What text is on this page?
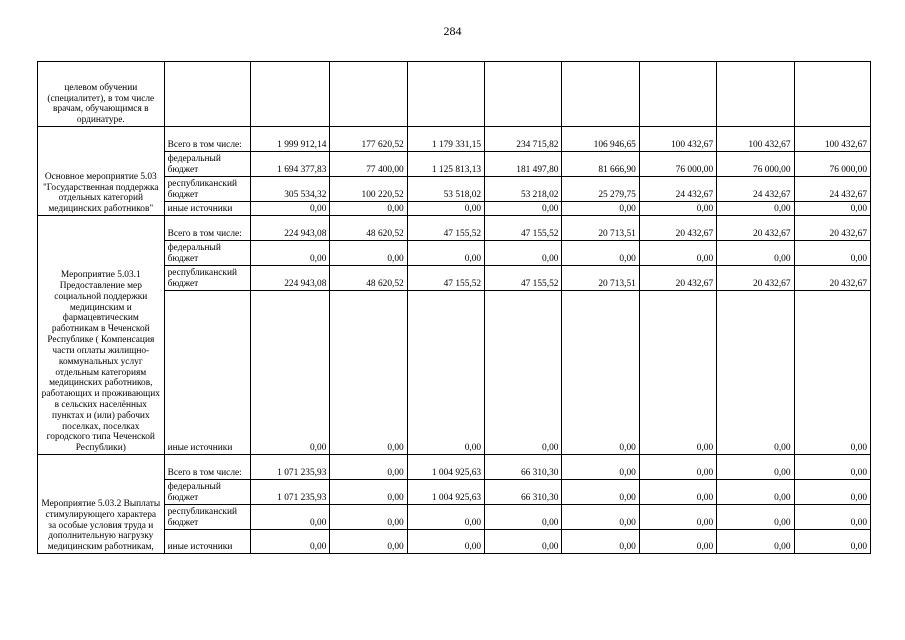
284
целевом обучении (специалитет), в том числе врачам, обучающимся в ординатуре.									
Основное мероприятие 5.03 "Государственная поддержка отдельных категорий медицинских работников"	Всего в том числе:	1 999 912,14	177 620,52	1 179 331,15	234 715,82	106 946,65	100 432,67	100 432,67	100 432,67
	федеральный бюджет	1 694 377,83	77 400,00	1 125 813,13	181 497,80	81 666,90	76 000,00	76 000,00	76 000,00
	республиканский бюджет	305 534,32	100 220,52	53 518,02	53 218,02	25 279,75	24 432,67	24 432,67	24 432,67
	иные источники	0,00	0,00	0,00	0,00	0,00	0,00	0,00	0,00
Мероприятие 5.03.1 Предоставление мер социальной поддержки медицинским и фармацевтическим работникам в Чеченской Республике ( Компенсация части оплаты жилищно-коммунальных услуг отдельным категориям медицинских работников, работающих и проживающих в сельских населённых пунктах и (или) рабочих поселках, поселках городского типа Чеченской Республики)	Всего в том числе:	224 943,08	48 620,52	47 155,52	47 155,52	20 713,51	20 432,67	20 432,67	20 432,67
	федеральный бюджет	0,00	0,00	0,00	0,00	0,00	0,00	0,00	0,00
	республиканский бюджет	224 943,08	48 620,52	47 155,52	47 155,52	20 713,51	20 432,67	20 432,67	20 432,67
	иные источники	0,00	0,00	0,00	0,00	0,00	0,00	0,00	0,00
Мероприятие 5.03.2 Выплаты стимулирующего характера за особые условия труда и дополнительную нагрузку медицинским работникам,	Всего в том числе:	1 071 235,93	0,00	1 004 925,63	66 310,30	0,00	0,00	0,00	0,00
	федеральный бюджет	1 071 235,93	0,00	1 004 925,63	66 310,30	0,00	0,00	0,00	0,00
	республиканский бюджет	0,00	0,00	0,00	0,00	0,00	0,00	0,00	0,00
	иные источники	0,00	0,00	0,00	0,00	0,00	0,00	0,00	0,00
